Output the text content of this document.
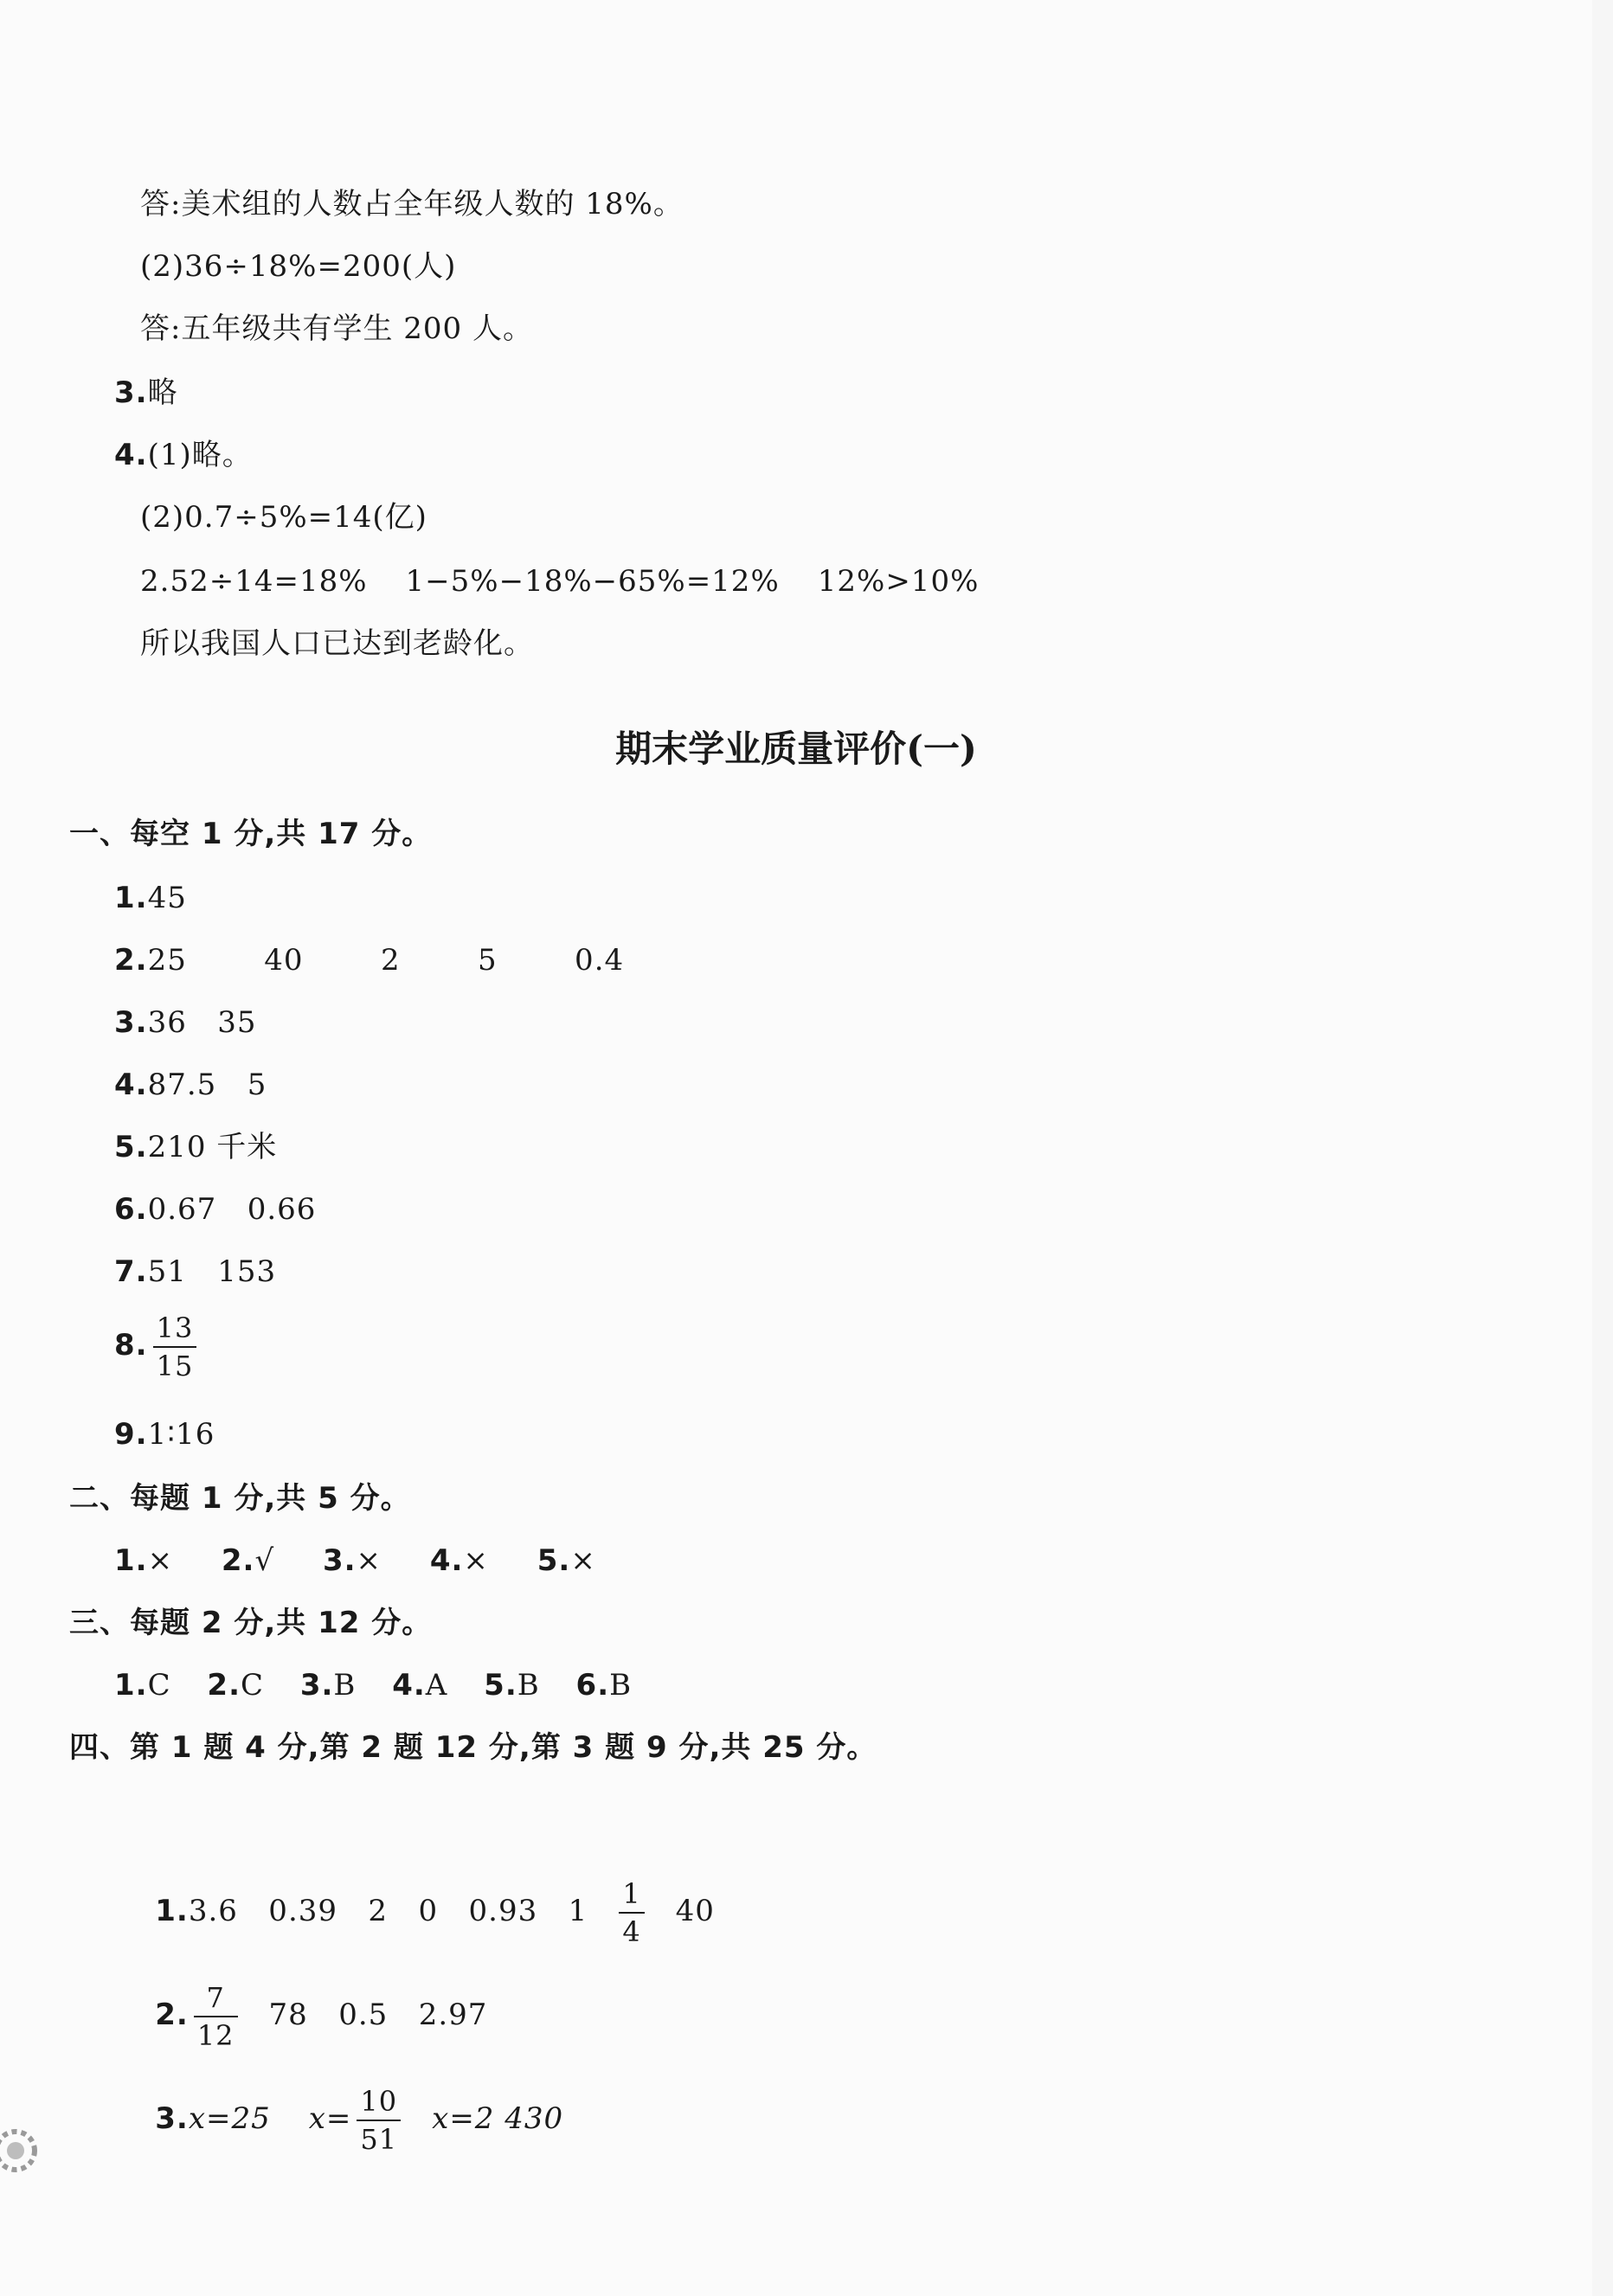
答:美术组的人数占全年级人数的 18%。
(2)36÷18%=200(人)
答:五年级共有学生 200 人。
3.略
4.(1)略。
(2)0.7÷5%=14(亿)
2.52÷14=18% 1−5%−18%−65%=12% 12%>10%
所以我国人口已达到老龄化。
期末学业质量评价(一)
一、每空 1 分,共 17 分。
1.45
2.25   40   2   5   0.4
3.36   35
4.87.5   5
5.210 千米
6.0.67   0.66
7.51   153
8. $\frac{13}{15}$
9.1∶16
二、每题 1 分,共 5 分。
1.× 2.√ 3.× 4.× 5.×
三、每题 2 分,共 12 分。
1.C 2.C 3.B 4.A 5.B 6.B
四、第 1 题 4 分,第 2 题 12 分,第 3 题 9 分,共 25 分。

1.3.6   0.39   2   0   0.93   $1 \frac{1}{4} 40$

2. $\frac{7}{12} 78$   0.5   2.97

3.x=25 $x= \frac{10}{51} x=2$ 430
